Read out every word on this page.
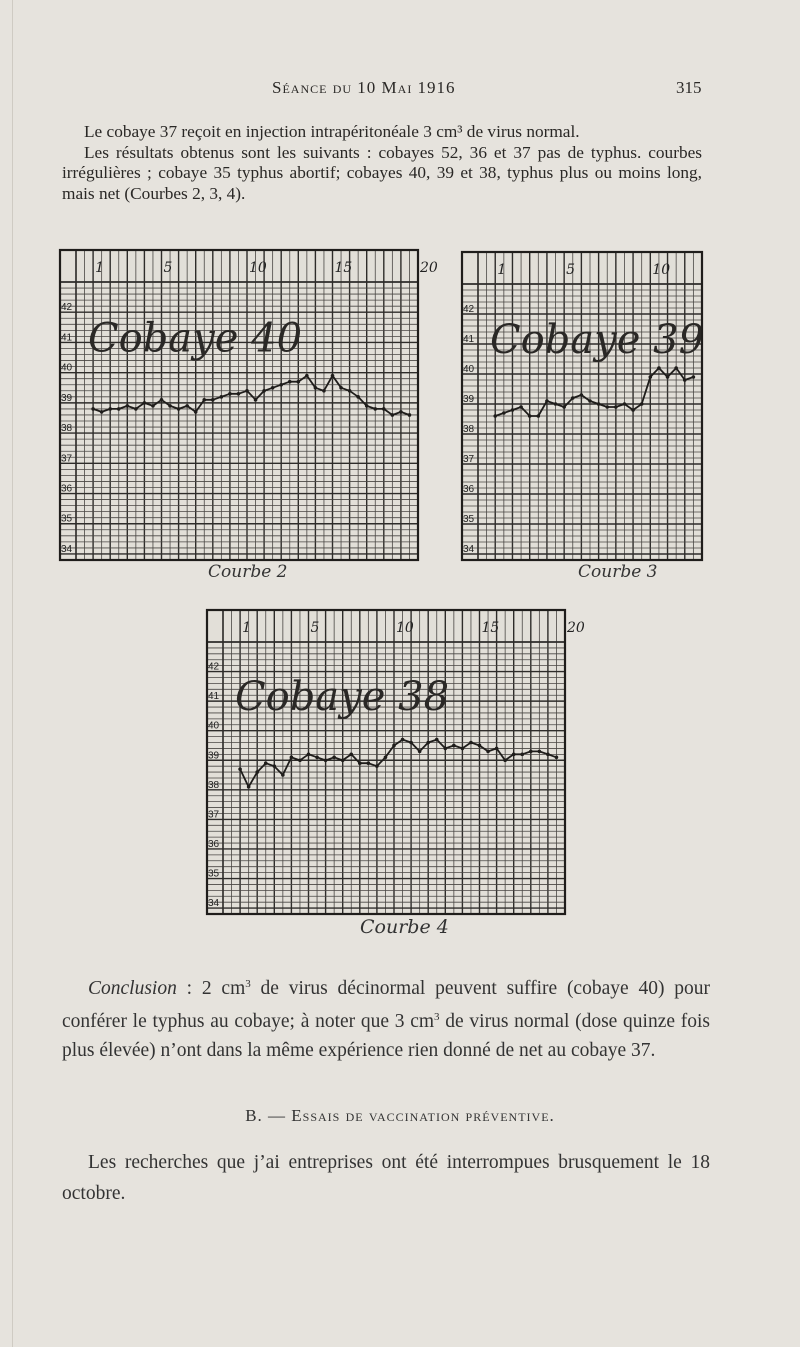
Séance du 10 Mai 1916	315

Le cobaye 37 reçoit en injection intrapéritonéale 3 cm³ de virus normal.

Les résultats obtenus sont les suivants : cobayes 52, 36 et 37 pas de typhus. courbes irrégulières ; cobaye 35 typhus abortif; cobayes 40, 39 et 38, typhus plus ou moins long, mais net (Courbes 2, 3, 4).

1	5	10	15	20
34
35
36
37
38
39
40
41
42
Cobaye 40
Courbe 2
1	5	10
34
35
36
37
38
39
40
41
42
Cobaye 39
Courbe 3
1	5	10	15	20
34
35
36
37
38
39
40
41
42
Cobaye 38
Courbe 4

Conclusion : 2 $cm^3$ de virus décinormal peuvent suffire (cobaye 40) pour conférer le typhus au cobaye; à noter que 3 $cm^3$ de virus normal (dose quinze fois plus élevée) n’ont dans la même expérience rien donné de net au cobaye 37.

B. — Essais de vaccination préventive.

Les recherches que j’ai entreprises ont été interrompues brusquement le 18 octobre.
